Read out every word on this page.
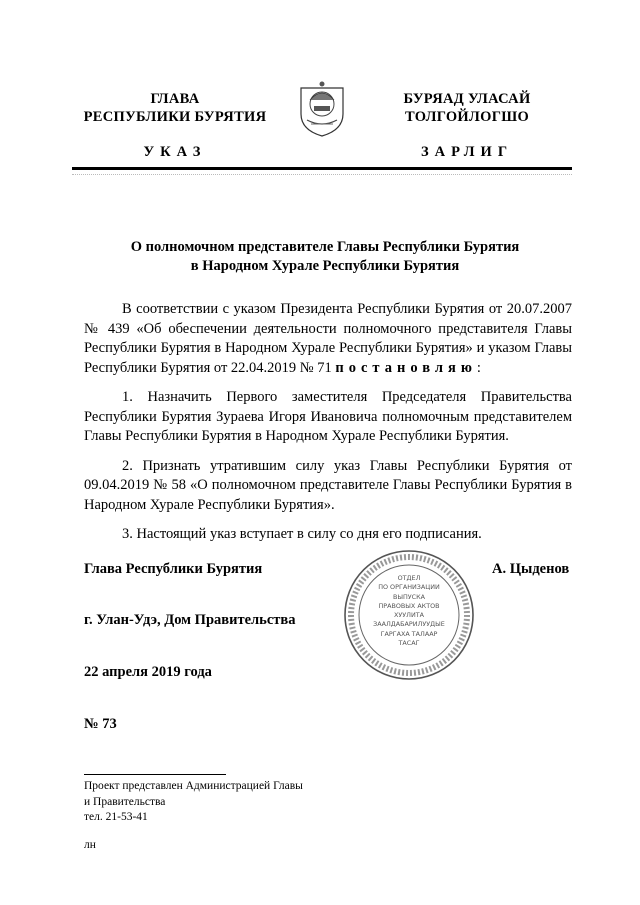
ГЛАВА
РЕСПУБЛИКИ БУРЯТИЯ
БУРЯАД УЛАСАЙ
ТОЛГОЙЛОГШО
УКАЗ	ЗАРЛИГ
О полномочном представителе Главы Республики Бурятия
в Народном Хурале Республики Бурятия

В соответствии с указом Президента Республики Бурятия от 20.07.2007 № 439 «Об обеспечении деятельности полномочного представителя Главы Республики Бурятия в Народном Хурале Республики Бурятия» и указом Главы Республики Бурятия от 22.04.2019 № 71 постановляю:

1. Назначить Первого заместителя Председателя Правительства Республики Бурятия Зураева Игоря Ивановича полномочным представителем Главы Республики Бурятия в Народном Хурале Республики Бурятия.

2. Признать утратившим силу указ Главы Республики Бурятия от 09.04.2019 № 58 «О полномочном представителе Главы Республики Бурятия в Народном Хурале Республики Бурятия».

3. Настоящий указ вступает в силу со дня его подписания.

Глава Республики Бурятия	А. Цыденов
г. Улан-Удэ, Дом Правительства
22 апреля 2019 года
№ 73
ОТДЕЛ
ПО ОРГАНИЗАЦИИ
ВЫПУСКА
ПРАВОВЫХ АКТОВ
ХУУЛИТА
ЗААЛДАБАРИЛУУДЫЕ
ГАРГАХА ТАЛААР
ТАСАГ
Проект представлен Администрацией Главы
и Правительства
тел. 21-53-41
лн
